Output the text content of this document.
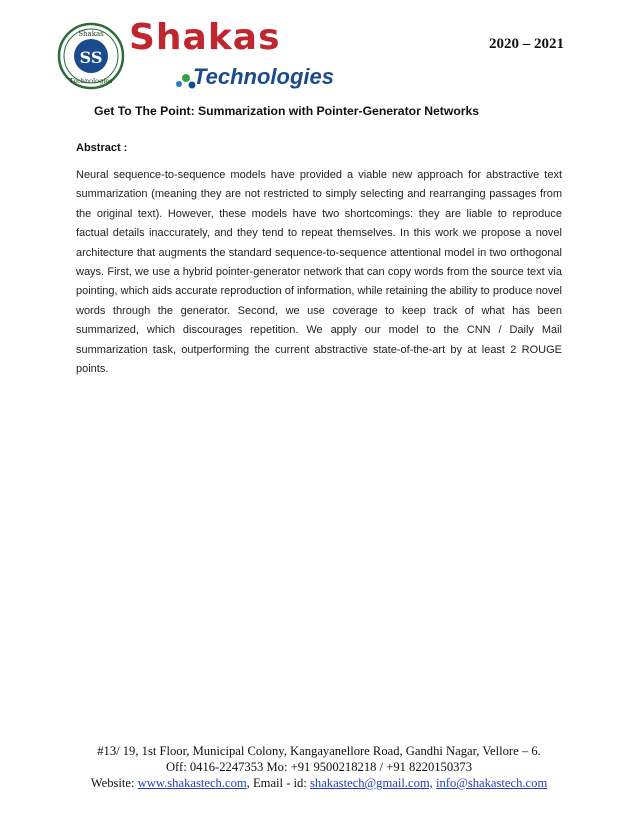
SS
Shakas
Technologies
Shakas
Technologies
2020 – 2021
Get To The Point: Summarization with Pointer-Generator Networks
Abstract :
Neural sequence-to-sequence models have provided a viable new approach for abstractive text summarization (meaning they are not restricted to simply selecting and rearranging passages from the original text). However, these models have two shortcomings: they are liable to reproduce factual details inaccurately, and they tend to repeat themselves. In this work we propose a novel architecture that augments the standard sequence-to-sequence attentional model in two orthogonal ways. First, we use a hybrid pointer-generator network that can copy words from the source text via pointing, which aids accurate reproduction of information, while retaining the ability to produce novel words through the generator. Second, we use coverage to keep track of what has been summarized, which discourages repetition. We apply our model to the CNN / Daily Mail summarization task, outperforming the current abstractive state-of-the-art by at least 2 ROUGE points.
#13/ 19, 1st Floor, Municipal Colony, Kangayanellore Road, Gandhi Nagar, Vellore – 6.
Off: 0416-2247353 Mo: +91 9500218218 / +91 8220150373
Website: www.shakastech.com, Email - id: shakastech@gmail.com, info@shakastech.com
